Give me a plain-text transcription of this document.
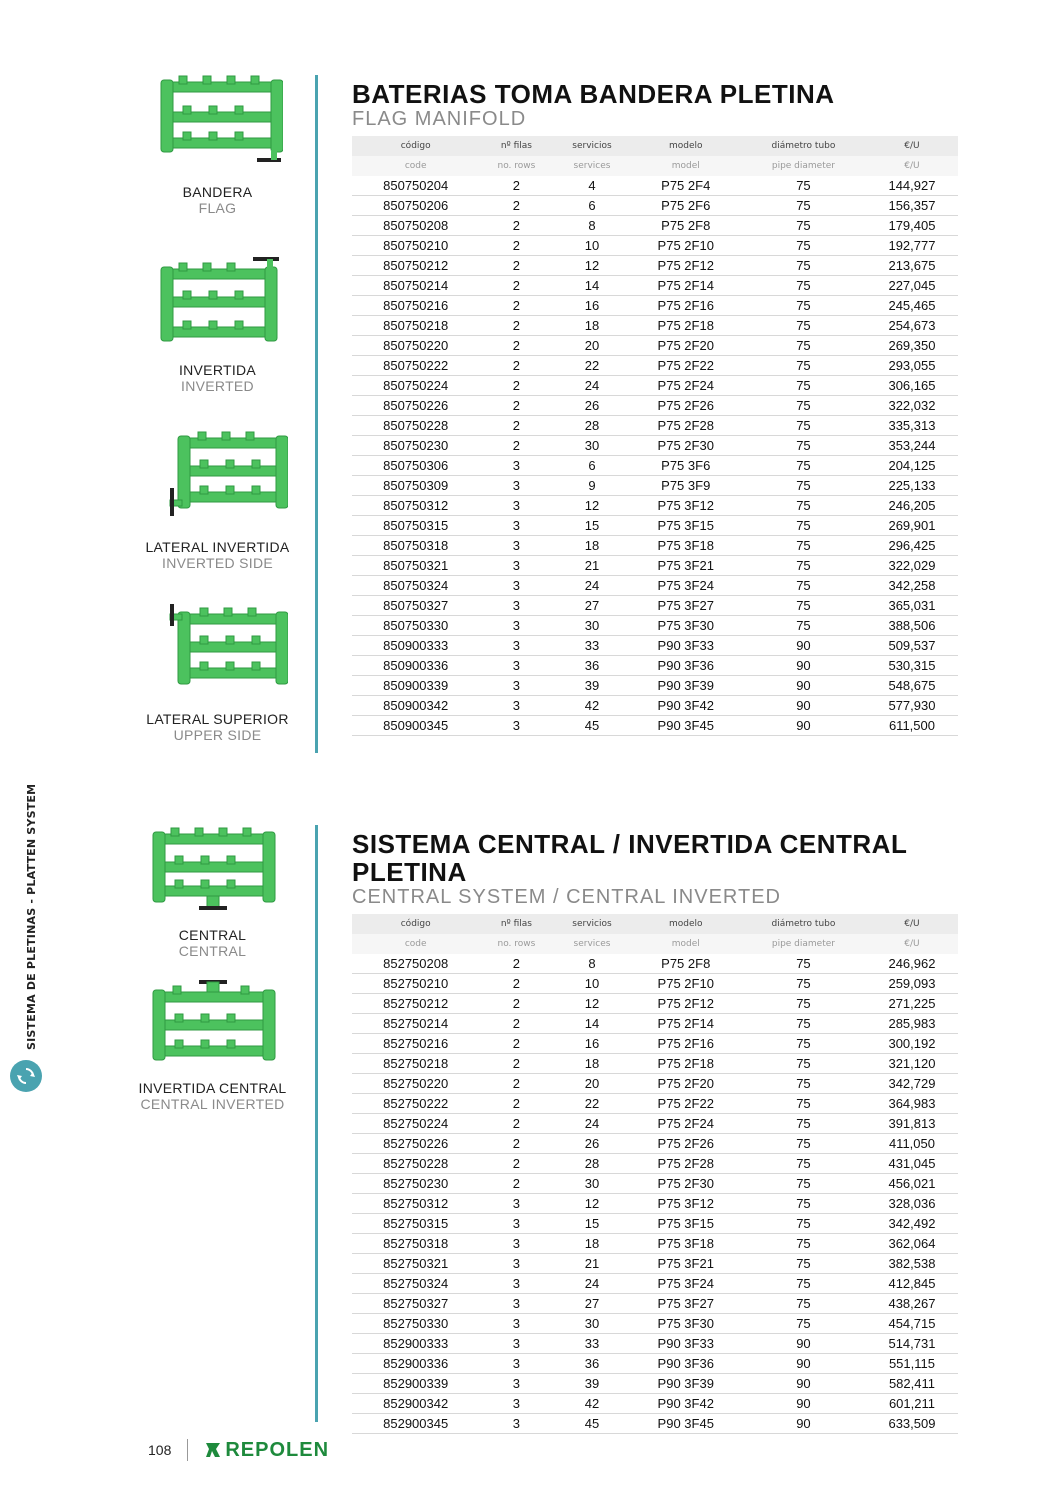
SISTEMA DE PLETINAS - PLATTEN SYSTEM
BANDERA
FLAG
INVERTIDA
INVERTED
LATERAL INVERTIDA
INVERTED SIDE
LATERAL SUPERIOR
UPPER SIDE
CENTRAL
CENTRAL
INVERTIDA CENTRAL
CENTRAL INVERTED
BATERIAS TOMA BANDERA PLETINA
FLAG MANIFOLD
código	nº filas	servicios	modelo	diámetro tubo	€/U
code	no. rows	services	model	pipe diameter	€/U
850750204	2	4	P75 2F4	75	144,927
850750206	2	6	P75 2F6	75	156,357
850750208	2	8	P75 2F8	75	179,405
850750210	2	10	P75 2F10	75	192,777
850750212	2	12	P75 2F12	75	213,675
850750214	2	14	P75 2F14	75	227,045
850750216	2	16	P75 2F16	75	245,465
850750218	2	18	P75 2F18	75	254,673
850750220	2	20	P75 2F20	75	269,350
850750222	2	22	P75 2F22	75	293,055
850750224	2	24	P75 2F24	75	306,165
850750226	2	26	P75 2F26	75	322,032
850750228	2	28	P75 2F28	75	335,313
850750230	2	30	P75 2F30	75	353,244
850750306	3	6	P75 3F6	75	204,125
850750309	3	9	P75 3F9	75	225,133
850750312	3	12	P75 3F12	75	246,205
850750315	3	15	P75 3F15	75	269,901
850750318	3	18	P75 3F18	75	296,425
850750321	3	21	P75 3F21	75	322,029
850750324	3	24	P75 3F24	75	342,258
850750327	3	27	P75 3F27	75	365,031
850750330	3	30	P75 3F30	75	388,506
850900333	3	33	P90 3F33	90	509,537
850900336	3	36	P90 3F36	90	530,315
850900339	3	39	P90 3F39	90	548,675
850900342	3	42	P90 3F42	90	577,930
850900345	3	45	P90 3F45	90	611,500
SISTEMA CENTRAL / INVERTIDA CENTRAL PLETINA
CENTRAL SYSTEM / CENTRAL INVERTED
código	nº filas	servicios	modelo	diámetro tubo	€/U
code	no. rows	services	model	pipe diameter	€/U
852750208	2	8	P75 2F8	75	246,962
852750210	2	10	P75 2F10	75	259,093
852750212	2	12	P75 2F12	75	271,225
852750214	2	14	P75 2F14	75	285,983
852750216	2	16	P75 2F16	75	300,192
852750218	2	18	P75 2F18	75	321,120
852750220	2	20	P75 2F20	75	342,729
852750222	2	22	P75 2F22	75	364,983
852750224	2	24	P75 2F24	75	391,813
852750226	2	26	P75 2F26	75	411,050
852750228	2	28	P75 2F28	75	431,045
852750230	2	30	P75 2F30	75	456,021
852750312	3	12	P75 3F12	75	328,036
852750315	3	15	P75 3F15	75	342,492
852750318	3	18	P75 3F18	75	362,064
852750321	3	21	P75 3F21	75	382,538
852750324	3	24	P75 3F24	75	412,845
852750327	3	27	P75 3F27	75	438,267
852750330	3	30	P75 3F30	75	454,715
852900333	3	33	P90 3F33	90	514,731
852900336	3	36	P90 3F36	90	551,115
852900339	3	39	P90 3F39	90	582,411
852900342	3	42	P90 3F42	90	601,211
852900345	3	45	P90 3F45	90	633,509
108	REPOLEN
